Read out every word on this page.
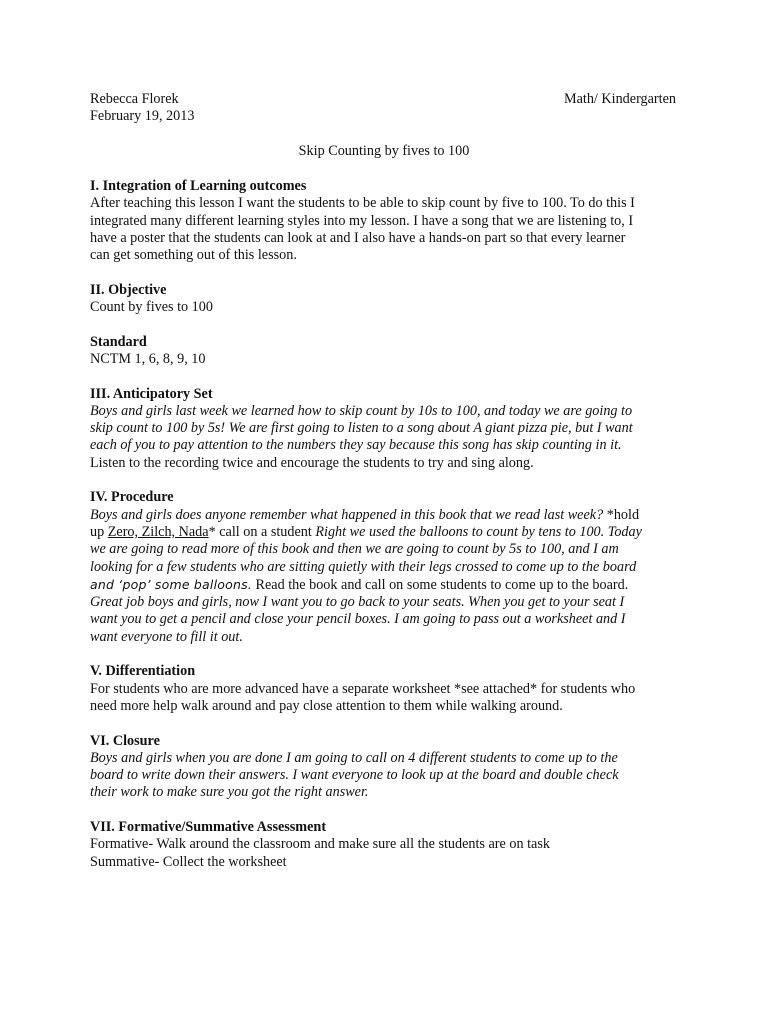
Rebecca Florek	Math/ Kindergarten
February 19, 2013
Skip Counting by fives to 100
I. Integration of Learning outcomes
After teaching this lesson I want the students to be able to skip count by five to 100. To do this I
integrated many different learning styles into my lesson. I have a song that we are listening to, I
have a poster that the students can look at and I also have a hands-on part so that every learner
can get something out of this lesson.
II. Objective
Count by fives to 100
Standard
NCTM 1, 6, 8, 9, 10
III. Anticipatory Set
Boys and girls last week we learned how to skip count by 10s to 100, and today we are going to
skip count to 100 by 5s! We are first going to listen to a song about A giant pizza pie, but I want
each of you to pay attention to the numbers they say because this song has skip counting in it.
Listen to the recording twice and encourage the students to try and sing along.
IV. Procedure
Boys and girls does anyone remember what happened in this book that we read last week? *hold
up Zero, Zilch, Nada* call on a student Right we used the balloons to count by tens to 100. Today
we are going to read more of this book and then we are going to count by 5s to 100, and I am
looking for a few students who are sitting quietly with their legs crossed to come up to the board
and ‘pop’ some balloons. Read the book and call on some students to come up to the board.
Great job boys and girls, now I want you to go back to your seats. When you get to your seat I
want you to get a pencil and close your pencil boxes. I am going to pass out a worksheet and I
want everyone to fill it out.
V. Differentiation
For students who are more advanced have a separate worksheet *see attached* for students who
need more help walk around and pay close attention to them while walking around.
VI. Closure
Boys and girls when you are done I am going to call on 4 different students to come up to the
board to write down their answers. I want everyone to look up at the board and double check
their work to make sure you got the right answer.
VII. Formative/Summative Assessment
Formative- Walk around the classroom and make sure all the students are on task
Summative- Collect the worksheet
